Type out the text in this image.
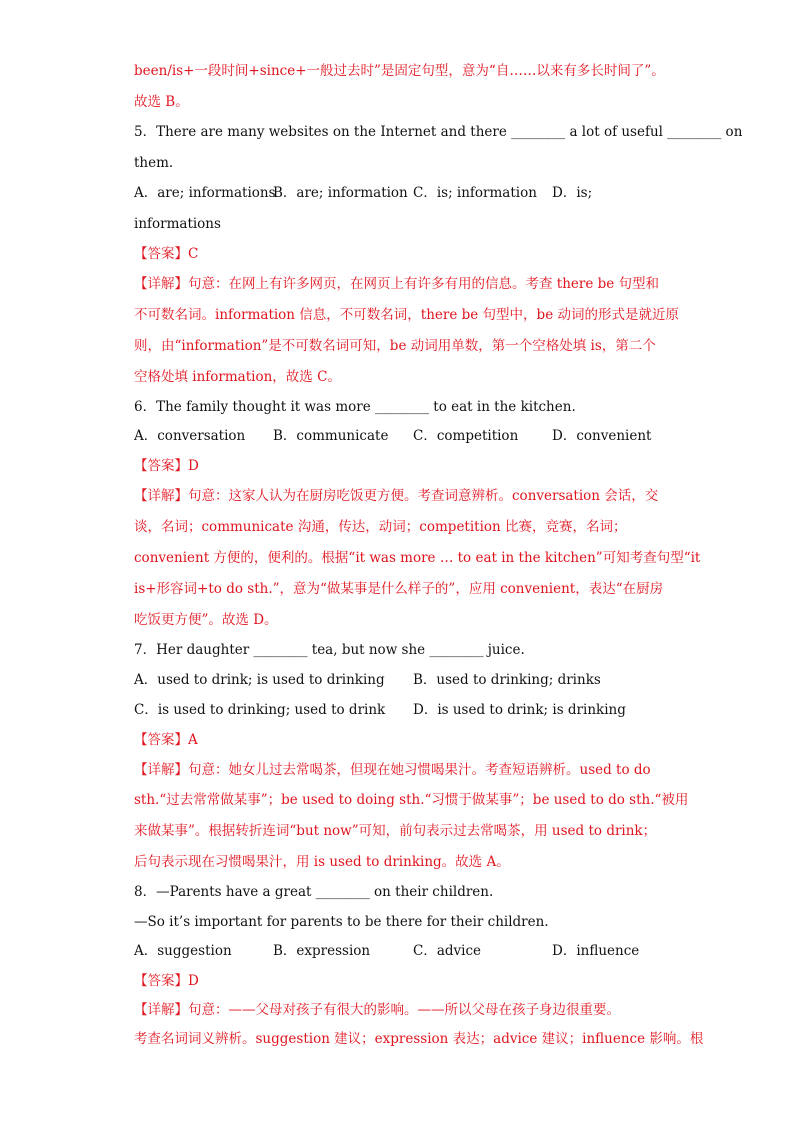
been/is+一段时间+since+一般过去时”是固定句型，意为“自……以来有多长时间了”。
故选 B。
5．There are many websites on the Internet and there ________ a lot of useful ________ on
them.
A．are; informations
B．are; information C．is; information D．is;
informations
【答案】C
【详解】句意：在网上有许多网页，在网页上有许多有用的信息。考查 there be 句型和
不可数名词。information 信息，不可数名词，there be 句型中，be 动词的形式是就近原
则，由“information”是不可数名词可知，be 动词用单数，第一个空格处填 is，第二个
空格处填 information，故选 C。
6．The family thought it was more ________ to eat in the kitchen.
A．conversation B．communicate C．competition D．convenient
【答案】D
【详解】句意：这家人认为在厨房吃饭更方便。考查词意辨析。conversation 会话，交
谈，名词；communicate 沟通，传达，动词；competition 比赛，竞赛，名词；
convenient 方便的，便利的。根据“it was more … to eat in the kitchen”可知考查句型“it
is+形容词+to do sth.”，意为“做某事是什么样子的”，应用 convenient，表达“在厨房
吃饭更方便”。故选 D。
7．Her daughter ________ tea, but now she ________ juice.
A．used to drink; is used to drinking B．used to drinking; drinks
C．is used to drinking; used to drink D．is used to drink; is drinking
【答案】A
【详解】句意：她女儿过去常喝茶，但现在她习惯喝果汁。考查短语辨析。used to do
sth.“过去常常做某事”；be used to doing sth.“习惯于做某事”；be used to do sth.“被用
来做某事”。根据转折连词“but now”可知，前句表示过去常喝茶，用 used to drink；
后句表示现在习惯喝果汁，用 is used to drinking。故选 A。
8．—Parents have a great ________ on their children.
—So it’s important for parents to be there for their children.
A．suggestion	B．expression	C．advice	D．influence
【答案】D
【详解】句意：——父母对孩子有很大的影响。——所以父母在孩子身边很重要。
考查名词词义辨析。suggestion 建议；expression 表达；advice 建议；influence 影响。根
